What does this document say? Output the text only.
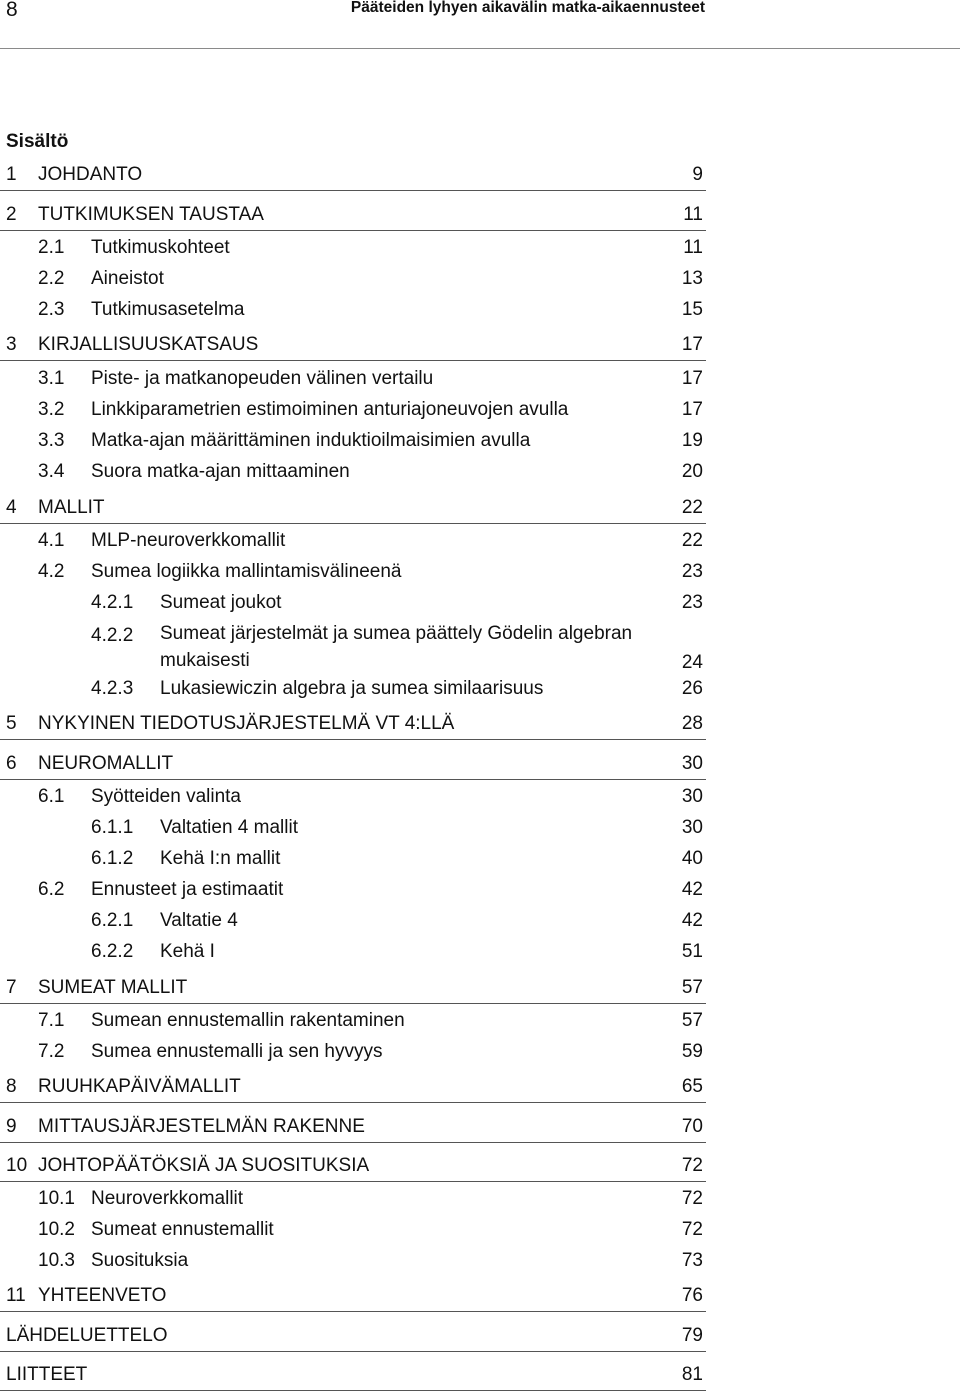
8	Pääteiden lyhyen aikavälin matka-aikaennusteet
Sisältö
1 JOHDANTO	9
2 TUTKIMUKSEN TAUSTAA	11
2.1 Tutkimuskohteet	11
2.2 Aineistot	13
2.3 Tutkimusasetelma	15
3 KIRJALLISUUSKATSAUS	17
3.1 Piste- ja matkanopeuden välinen vertailu	17
3.2 Linkkiparametrien estimoiminen anturiajoneuvojen avulla	17
3.3 Matka-ajan määrittäminen induktioilmaisimien avulla	19
3.4 Suora matka-ajan mittaaminen	20
4 MALLIT	22
4.1 MLP-neuroverkkomallit	22
4.2 Sumea logiikka mallintamisvälineenä	23
4.2.1 Sumeat joukot	23
4.2.2 Sumeat järjestelmät ja sumea päättely Gödelin algebran mukaisesti	24
4.2.3 Lukasiewiczin algebra ja sumea similaarisuus	26
5 NYKYINEN TIEDOTUSJÄRJESTELMÄ VT 4:LLÄ	28
6 NEUROMALLIT	30
6.1 Syötteiden valinta	30
6.1.1 Valtatien 4 mallit	30
6.1.2 Kehä I:n mallit	40
6.2 Ennusteet ja estimaatit	42
6.2.1 Valtatie 4	42
6.2.2 Kehä I	51
7 SUMEAT MALLIT	57
7.1 Sumean ennustemallin rakentaminen	57
7.2 Sumea ennustemalli ja sen hyvyys	59
8 RUUHKAPÄIVÄMALLIT	65
9 MITTAUSJÄRJESTELMÄN RAKENNE	70
10 JOHTOPÄÄTÖKSIÄ JA SUOSITUKSIA	72
10.1 Neuroverkkomallit	72
10.2 Sumeat ennustemallit	72
10.3 Suosituksia	73
11 YHTEENVETO	76
LÄHDELUETTELO	79
LIITTEET	81
